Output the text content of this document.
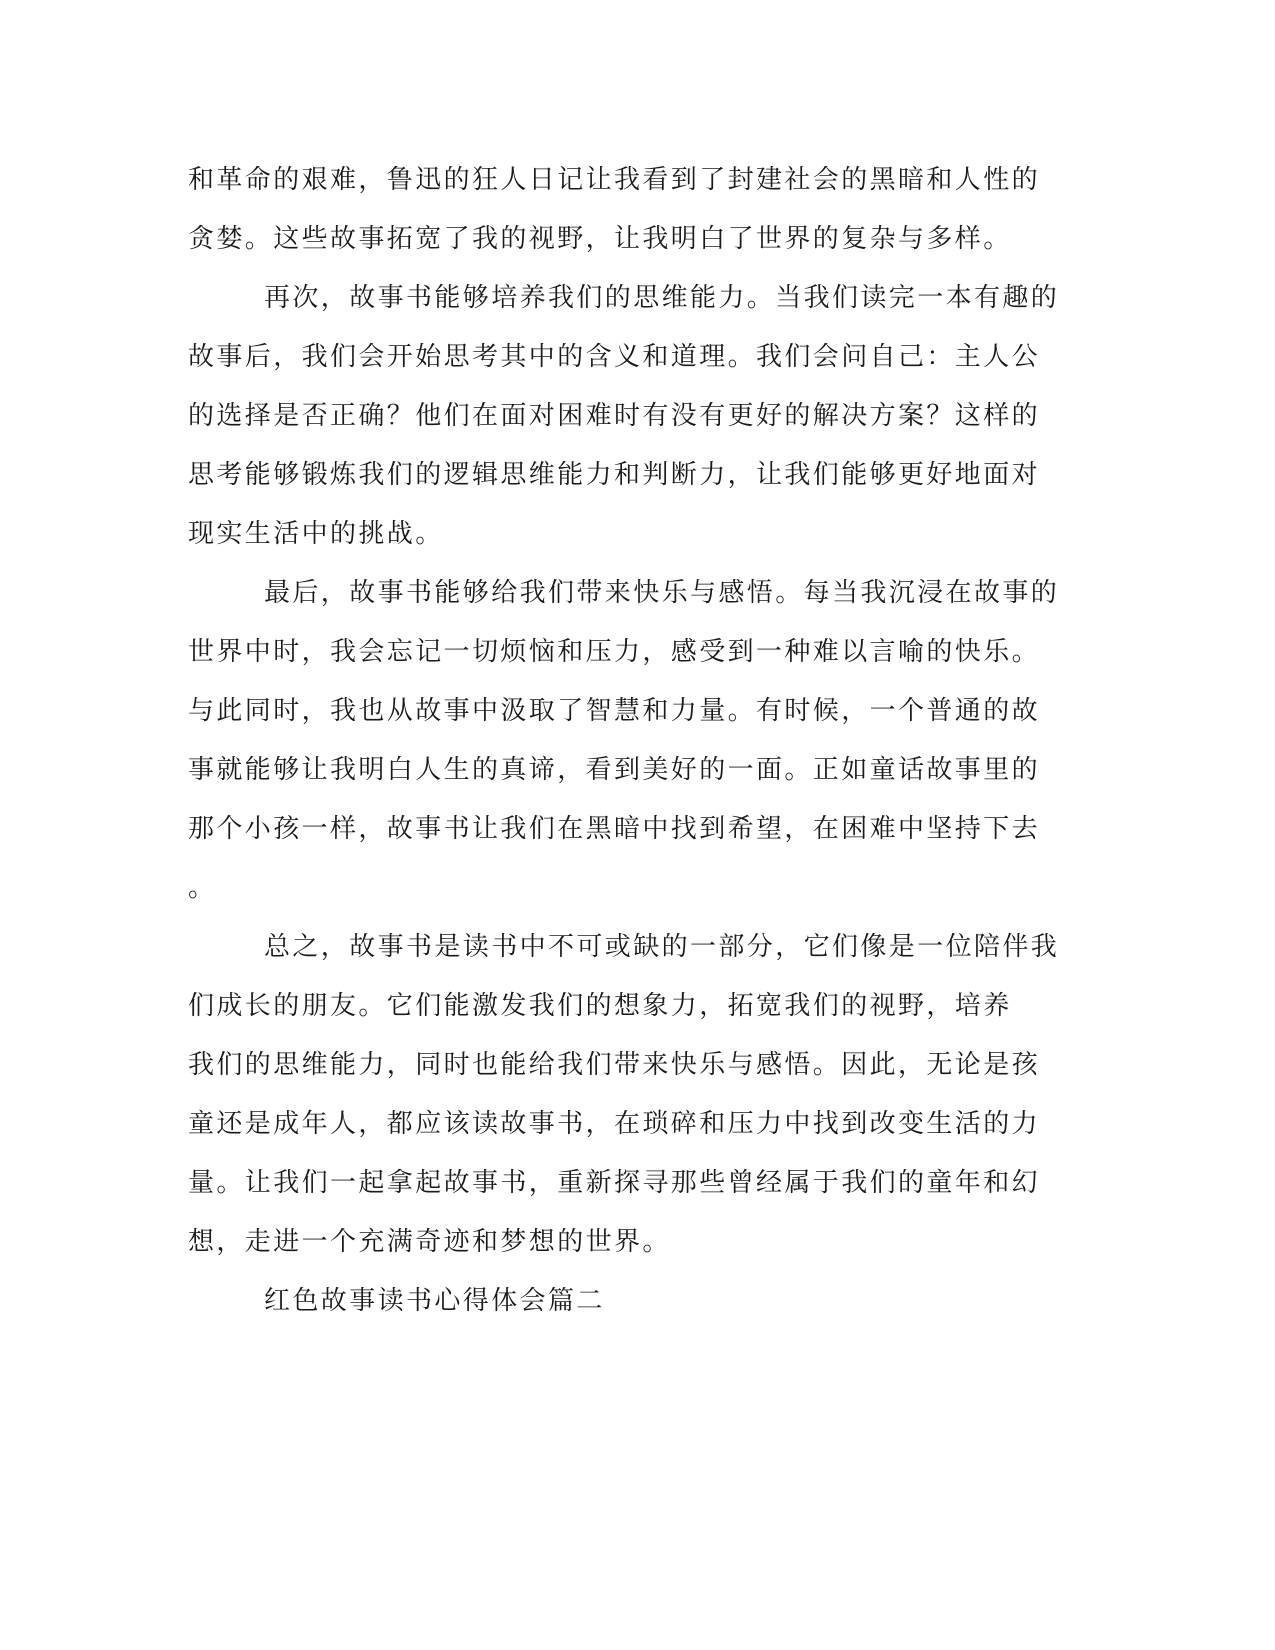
和革命的艰难，鲁迅的狂人日记让我看到了封建社会的黑暗和人性的

贪婪。这些故事拓宽了我的视野，让我明白了世界的复杂与多样。

再次，故事书能够培养我们的思维能力。当我们读完一本有趣的

故事后，我们会开始思考其中的含义和道理。我们会问自己：主人公

的选择是否正确？他们在面对困难时有没有更好的解决方案？这样的

思考能够锻炼我们的逻辑思维能力和判断力，让我们能够更好地面对

现实生活中的挑战。

最后，故事书能够给我们带来快乐与感悟。每当我沉浸在故事的

世界中时，我会忘记一切烦恼和压力，感受到一种难以言喻的快乐。

与此同时，我也从故事中汲取了智慧和力量。有时候，一个普通的故

事就能够让我明白人生的真谛，看到美好的一面。正如童话故事里的

那个小孩一样，故事书让我们在黑暗中找到希望，在困难中坚持下去

。

总之，故事书是读书中不可或缺的一部分，它们像是一位陪伴我

们成长的朋友。它们能激发我们的想象力，拓宽我们的视野，培养

我们的思维能力，同时也能给我们带来快乐与感悟。因此，无论是孩

童还是成年人，都应该读故事书，在琐碎和压力中找到改变生活的力

量。让我们一起拿起故事书，重新探寻那些曾经属于我们的童年和幻

想，走进一个充满奇迹和梦想的世界。

红色故事读书心得体会篇二
